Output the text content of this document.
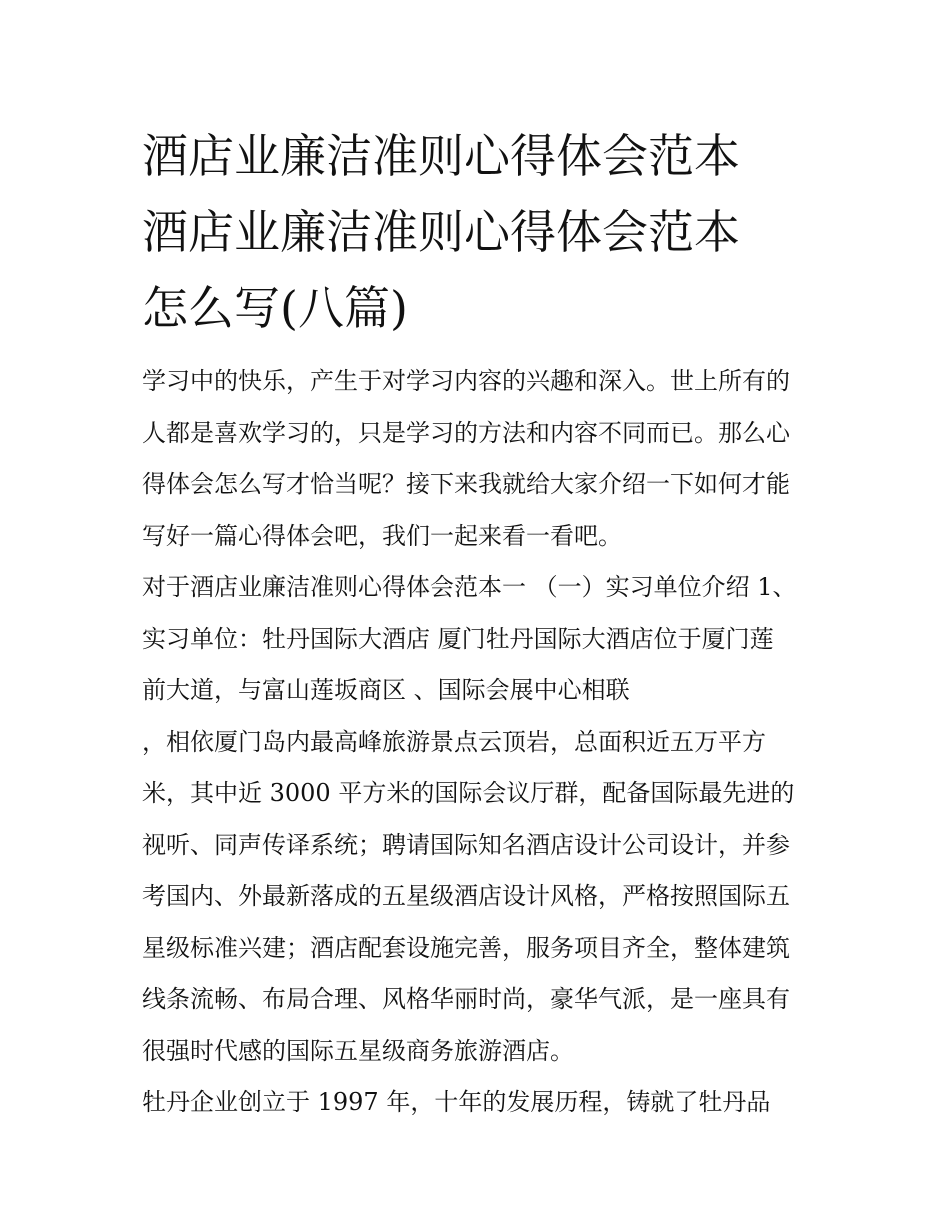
酒店业廉洁准则心得体会范本
酒店业廉洁准则心得体会范本
怎么写(八篇)

学习中的快乐，产生于对学习内容的兴趣和深入。世上所有的
人都是喜欢学习的，只是学习的方法和内容不同而已。那么心
得体会怎么写才恰当呢？接下来我就给大家介绍一下如何才能
写好一篇心得体会吧，我们一起来看一看吧。

对于酒店业廉洁准则心得体会范本一 （一）实习单位介绍 1、
实习单位：牡丹国际大酒店 厦门牡丹国际大酒店位于厦门莲
前大道，与富山莲坂商区 、国际会展中心相联

，相依厦门岛内最高峰旅游景点云顶岩，总面积近五万平方
米，其中近 3000 平方米的国际会议厅群，配备国际最先进的
视听、同声传译系统；聘请国际知名酒店设计公司设计，并参
考国内、外最新落成的五星级酒店设计风格，严格按照国际五
星级标准兴建；酒店配套设施完善，服务项目齐全，整体建筑
线条流畅、布局合理、风格华丽时尚，豪华气派，是一座具有
很强时代感的国际五星级商务旅游酒店。

牡丹企业创立于 1997 年，十年的发展历程，铸就了牡丹品
